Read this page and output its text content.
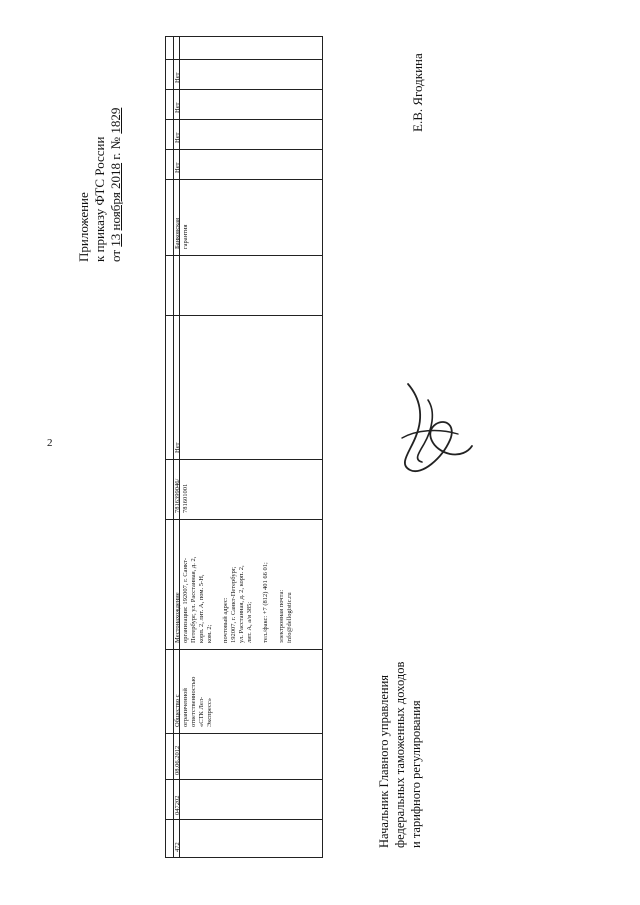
2
Приложение к приказу ФТС России от 13 ноября 2018 г. № 1829
472
047202
08.06.2012
Общество с ограниченной ответственностью «СТК Лел- Экспресс»
Местонахождение организации: 192007, г. Санкт- Петербург, ул. Расстанная, д. 2, корп. 2, лит. А, пом. 5-Н, ком. 2;
почтовый адрес: 192007, г. Санкт-Петербург, ул. Расстанная, д. 2, корп. 2, лит. А, а/я 385;
тел./факс: +7 (812) 401 66 01;
электронная почта: info@dellogistic.ru
7816399046/ 781601001
Нет
Банковская гарантия
Нет
Нет
Нет
Нет	Е.В. Ягодкина
Начальник Главного управления федеральных таможенных доходов и тарифного регулирования
